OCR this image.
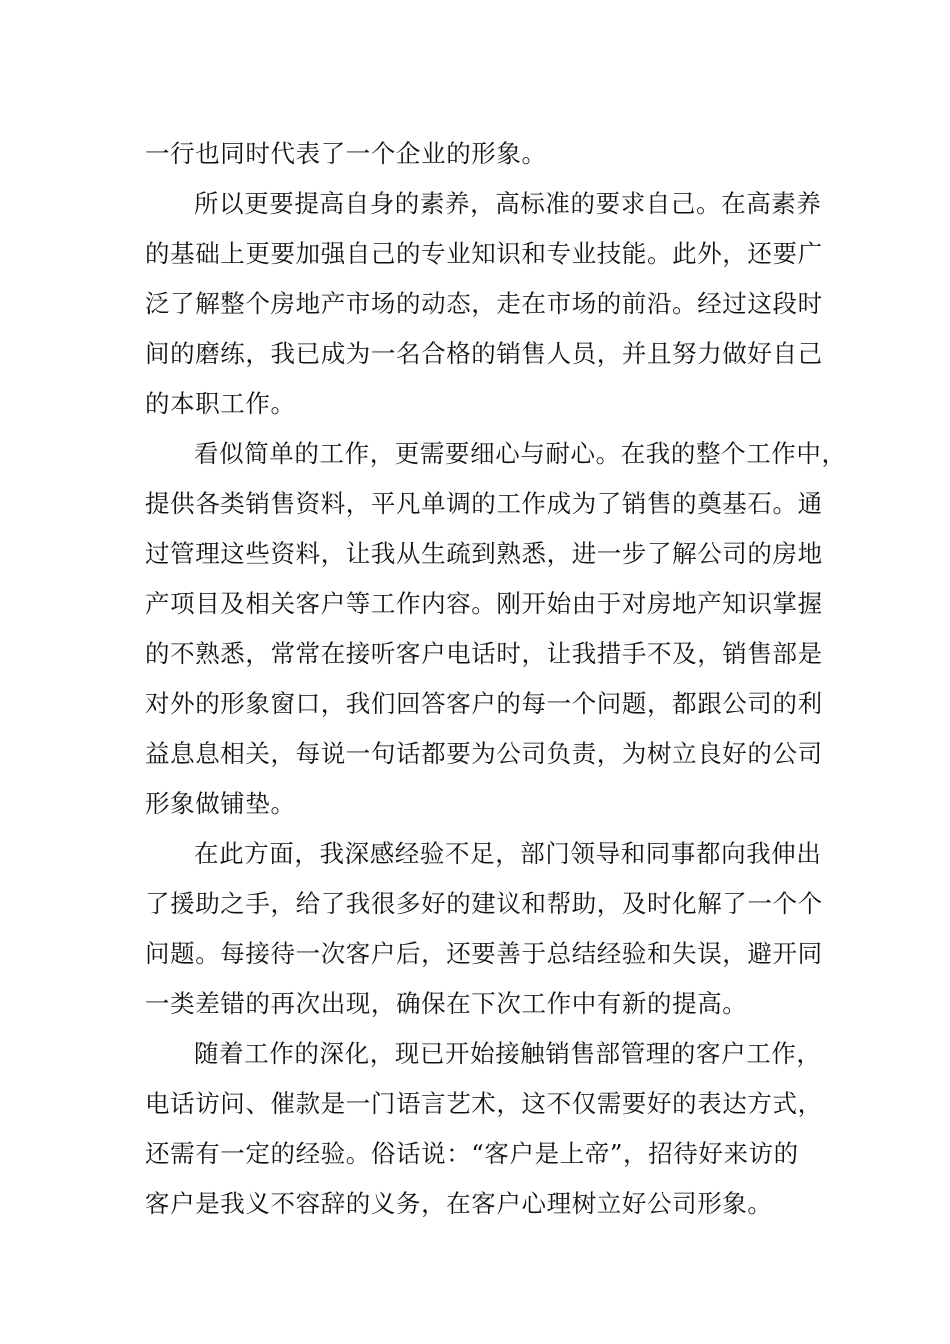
一行也同时代表了一个企业的形象。
所以更要提高自身的素养，高标准的要求自己。在高素养
的基础上更要加强自己的专业知识和专业技能。此外，还要广
泛了解整个房地产市场的动态，走在市场的前沿。经过这段时
间的磨练，我已成为一名合格的销售人员，并且努力做好自己
的本职工作。
看似简单的工作，更需要细心与耐心。在我的整个工作中，
提供各类销售资料，平凡单调的工作成为了销售的奠基石。通
过管理这些资料，让我从生疏到熟悉，进一步了解公司的房地
产项目及相关客户等工作内容。刚开始由于对房地产知识掌握
的不熟悉，常常在接听客户电话时，让我措手不及，销售部是
对外的形象窗口，我们回答客户的每一个问题，都跟公司的利
益息息相关，每说一句话都要为公司负责，为树立良好的公司
形象做铺垫。
在此方面，我深感经验不足，部门领导和同事都向我伸出
了援助之手，给了我很多好的建议和帮助，及时化解了一个个
问题。每接待一次客户后，还要善于总结经验和失误，避开同
一类差错的再次出现，确保在下次工作中有新的提高。
随着工作的深化，现已开始接触销售部管理的客户工作，
电话访问、催款是一门语言艺术，这不仅需要好的表达方式，
还需有一定的经验。俗话说：“客户是上帝”，招待好来访的
客户是我义不容辞的义务，在客户心理树立好公司形象。
